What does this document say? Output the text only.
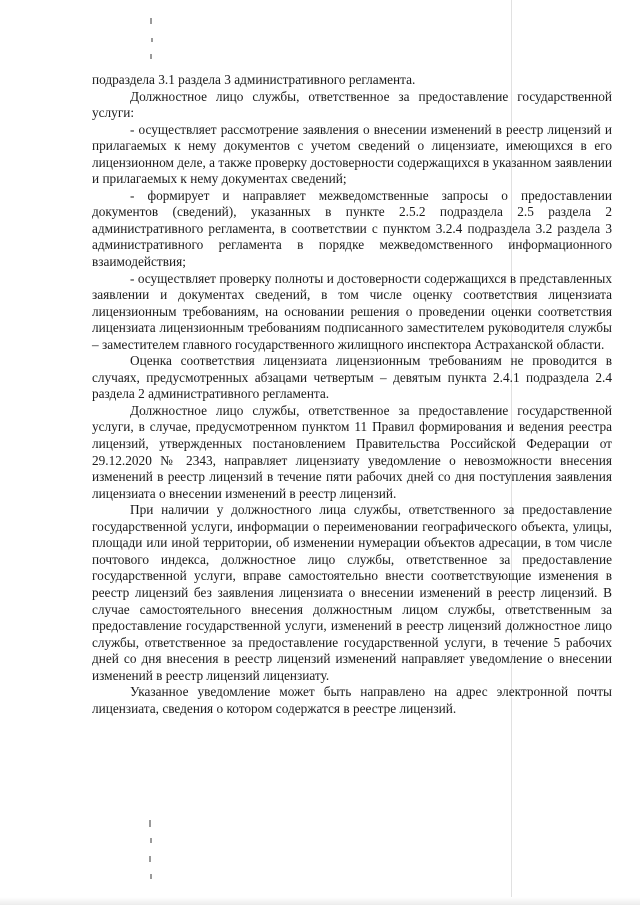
подраздела 3.1 раздела 3 административного регламента.

Должностное лицо службы, ответственное за предоставление государственной услуги:

- осуществляет рассмотрение заявления о внесении изменений в реестр лицензий и прилагаемых к нему документов с учетом сведений о лицензиате, имеющихся в его лицензионном деле, а также проверку достоверности содержащихся в указанном заявлении и прилагаемых к нему документах сведений;

- формирует и направляет межведомственные запросы о предоставлении документов (сведений), указанных в пункте 2.5.2 подраздела 2.5 раздела 2 административного регламента, в соответствии с пунктом 3.2.4 подраздела 3.2 раздела 3 административного регламента в порядке межведомственного информационного взаимодействия;

- осуществляет проверку полноты и достоверности содержащихся в представленных заявлении и документах сведений, в том числе оценку соответствия лицензиата лицензионным требованиям, на основании решения о проведении оценки соответствия лицензиата лицензионным требованиям подписанного заместителем руководителя службы – заместителем главного государственного жилищного инспектора Астраханской области.

Оценка соответствия лицензиата лицензионным требованиям не проводится в случаях, предусмотренных абзацами четвертым – девятым пункта 2.4.1 подраздела 2.4 раздела 2 административного регламента.

Должностное лицо службы, ответственное за предоставление государственной услуги, в случае, предусмотренном пунктом 11 Правил формирования и ведения реестра лицензий, утвержденных постановлением Правительства Российской Федерации от 29.12.2020 № 2343, направляет лицензиату уведомление о невозможности внесения изменений в реестр лицензий в течение пяти рабочих дней со дня поступления заявления лицензиата о внесении изменений в реестр лицензий.

При наличии у должностного лица службы, ответственного за предоставление государственной услуги, информации о переименовании географического объекта, улицы, площади или иной территории, об изменении нумерации объектов адресации, в том числе почтового индекса, должностное лицо службы, ответственное за предоставление государственной услуги, вправе самостоятельно внести соответствующие изменения в реестр лицензий без заявления лицензиата о внесении изменений в реестр лицензий. В случае самостоятельного внесения должностным лицом службы, ответственным за предоставление государственной услуги, изменений в реестр лицензий должностное лицо службы, ответственное за предоставление государственной услуги, в течение 5 рабочих дней со дня внесения в реестр лицензий изменений направляет уведомление о внесении изменений в реестр лицензий лицензиату.

Указанное уведомление может быть направлено на адрес электронной почты лицензиата, сведения о котором содержатся в реестре лицензий.
